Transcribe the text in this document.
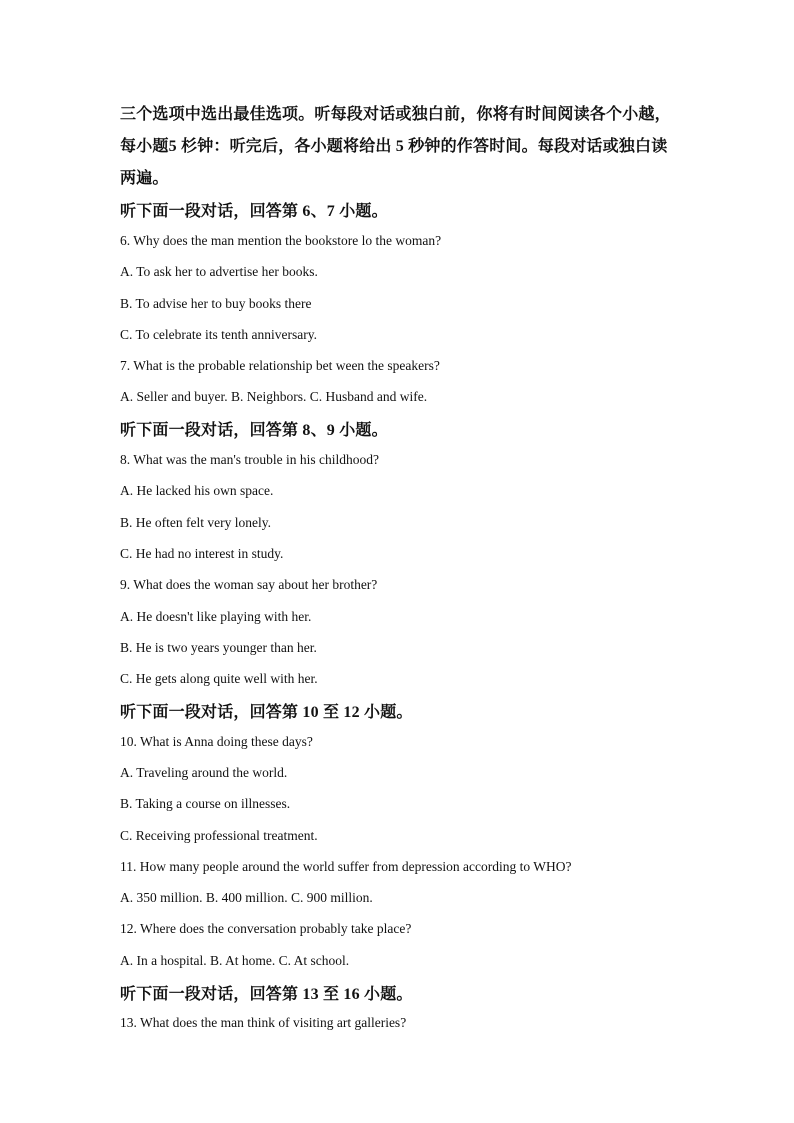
三个选项中选出最佳选项。听每段对话或独白前，你将有时间阅读各个小越，
每小题5 杉钟：听完后，各小题将给出 5 秒钟的作答时间。每段对话或独白读
两遍。
听下面一段对话，回答第 6、7 小题。
6. Why does the man mention the bookstore lo the woman?
A. To ask her to advertise her books.
B. To advise her to buy books there
C. To celebrate its tenth anniversary.
7. What is the probable relationship bet ween the speakers?
A. Seller and buyer. B. Neighbors. C. Husband and wife.
听下面一段对话，回答第 8、9 小题。
8. What was the man's trouble in his childhood?
A. He lacked his own space.
B. He often felt very lonely.
C. He had no interest in study.
9. What does the woman say about her brother?
A. He doesn't like playing with her.
B. He is two years younger than her.
C. He gets along quite well with her.
听下面一段对话，回答第 10 至 12 小题。
10. What is Anna doing these days?
A. Traveling around the world.
B. Taking a course on illnesses.
C. Receiving professional treatment.
11. How many people around the world suffer from depression according to WHO?
A. 350 million. B. 400 million. C. 900 million.
12. Where does the conversation probably take place?
A. In a hospital. B. At home. C. At school.
听下面一段对话，回答第 13 至 16 小题。
13. What does the man think of visiting art galleries?
